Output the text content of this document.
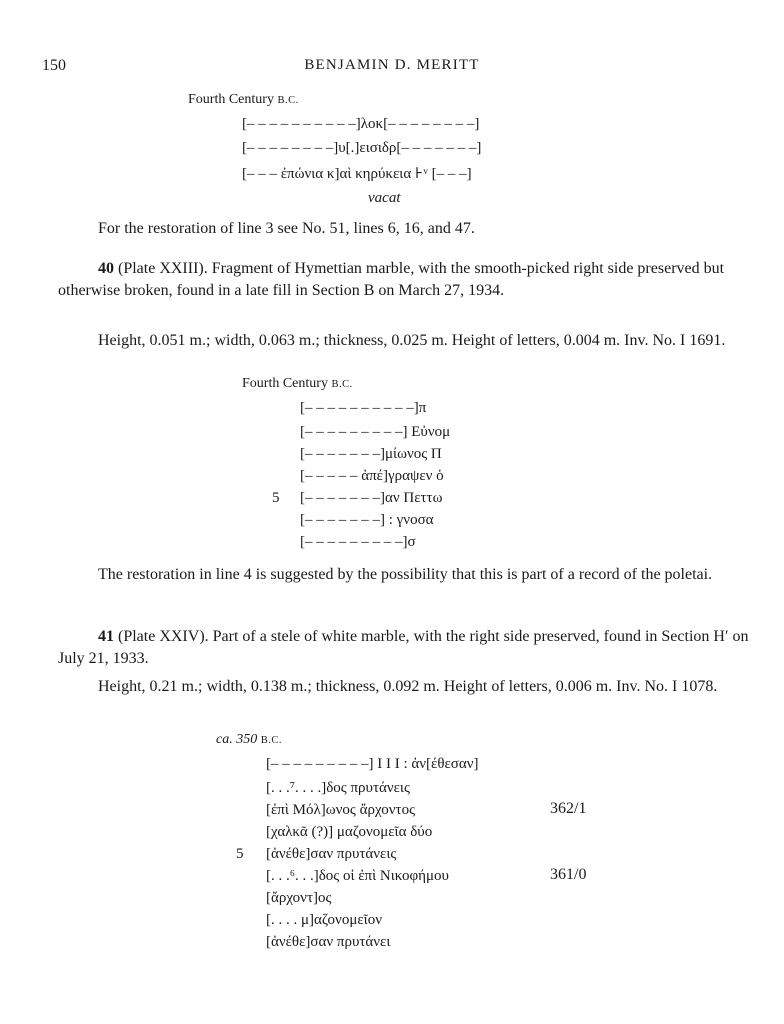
150	BENJAMIN D. MERITT
Fourth Century B.C.
[– – – – – – – – – –]λοκ[– – – – – – – –]
[– – – – – – – –]υ[.]εισιδρ[– – – – – – –]
[– – – ἐπώνια κ]αὶ κηρύκεια ⊦ᵛ [– – –]
vacat
For the restoration of line 3 see No. 51, lines 6, 16, and 47.
40 (Plate XXIII). Fragment of Hymettian marble, with the smooth-picked right side preserved but otherwise broken, found in a late fill in Section Β on March 27, 1934.
Height, 0.051 m.; width, 0.063 m.; thickness, 0.025 m. Height of letters, 0.004 m. Inv. No. I 1691.
Fourth Century B.C.
[– – – – – – – – – –]π
[– – – – – – – – –] Εὐνομ
[– – – – – – –]μίωνος Π
[– – – – – ἀπέ]γραψεν ὁ
5 [– – – – – – –]αν Πεττω
[– – – – – – –] : γνοσα
[– – – – – – – – –]σ
The restoration in line 4 is suggested by the possibility that this is part of a record of the poletai.
41 (Plate XXIV). Part of a stele of white marble, with the right side preserved, found in Section Η′ on July 21, 1933.
Height, 0.21 m.; width, 0.138 m.; thickness, 0.092 m. Height of letters, 0.006 m. Inv. No. I 1078.
ca. 350 B.C.
[– – – – – – – – –] I I I : ἀν[έθεσαν]
[. . .⁷. . . .]δος πρυτάνεις
[ἐπὶ Μόλ]ωνος ἄρχοντος	362/1
[χαλκᾶ (?)] μαζονομεῖα δύο
5 [ἀνέθε]σαν πρυτάνεις
[. . .⁶. . .]δος οἱ ἐπὶ Νικοφήμου	361/0
[ἄρχοντ]ος
[. . . . μ]αζονομεῖον
[ἀνέθε]σαν πρυτάνει
